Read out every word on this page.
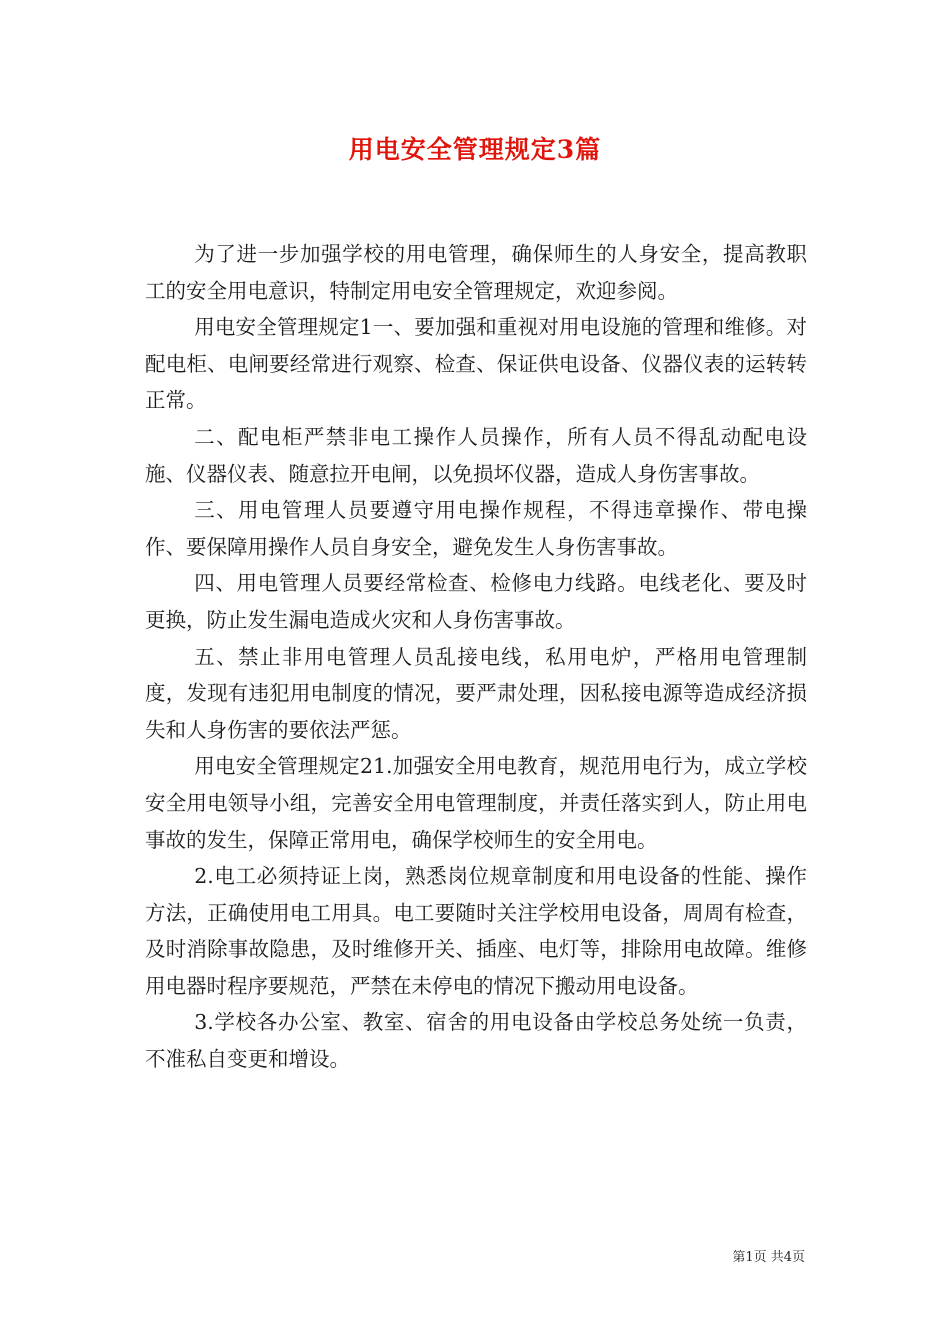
用电安全管理规定3篇

为了进一步加强学校的用电管理，确保师生的人身安全，提高教职工的安全用电意识，特制定用电安全管理规定，欢迎参阅。

用电安全管理规定1一、要加强和重视对用电设施的管理和维修。对配电柜、电闸要经常进行观察、检查、保证供电设备、仪器仪表的运转转正常。

二、配电柜严禁非电工操作人员操作，所有人员不得乱动配电设施、仪器仪表、随意拉开电闸，以免损坏仪器，造成人身伤害事故。

三、用电管理人员要遵守用电操作规程，不得违章操作、带电操作、要保障用操作人员自身安全，避免发生人身伤害事故。

四、用电管理人员要经常检查、检修电力线路。电线老化、要及时更换，防止发生漏电造成火灾和人身伤害事故。

五、禁止非用电管理人员乱接电线，私用电炉，严格用电管理制度，发现有违犯用电制度的情况，要严肃处理，因私接电源等造成经济损失和人身伤害的要依法严惩。

用电安全管理规定21.加强安全用电教育，规范用电行为，成立学校安全用电领导小组，完善安全用电管理制度，并责任落实到人，防止用电事故的发生，保障正常用电，确保学校师生的安全用电。

2.电工必须持证上岗，熟悉岗位规章制度和用电设备的性能、操作方法，正确使用电工用具。电工要随时关注学校用电设备，周周有检查，及时消除事故隐患，及时维修开关、插座、电灯等，排除用电故障。维修用电器时程序要规范，严禁在未停电的情况下搬动用电设备。

3.学校各办公室、教室、宿舍的用电设备由学校总务处统一负责，不准私自变更和增设。

第1页 共4页
